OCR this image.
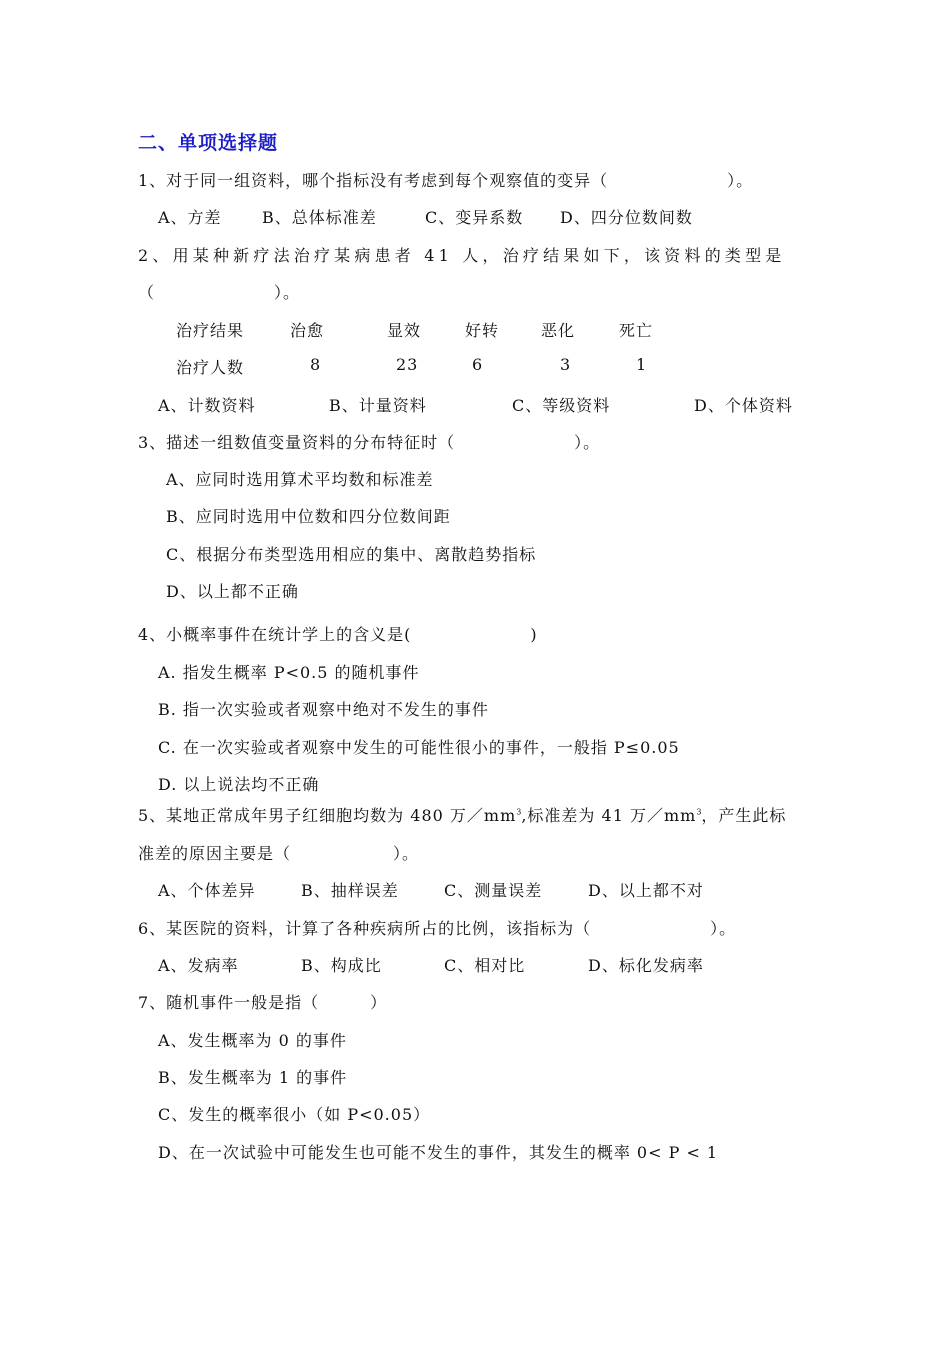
二、单项选择题
1、对于同一组资料，哪个指标没有考虑到每个观察值的变异（　　　　　　　）。
A、方差	B、总体标准差	C、变异系数 D、四分位数间数
2、用某种新疗法治疗某病患者 41 人，治疗结果如下，该资料的类型是
（　　　　　　　）。
治疗结果	治愈	显效	好转	恶化	死亡
治疗人数	8	23	6	3	1
A、计数资料	B、计量资料	C、等级资料	D、个体资料
3、描述一组数值变量资料的分布特征时（　　　　　　　）。
A、应同时选用算术平均数和标准差
B、应同时选用中位数和四分位数间距
C、根据分布类型选用相应的集中、离散趋势指标
D、以上都不正确
4、小概率事件在统计学上的含义是(　　　　　　　)
A. 指发生概率 P<0.5 的随机事件
B. 指一次实验或者观察中绝对不发生的事件
C. 在一次实验或者观察中发生的可能性很小的事件，一般指 P≤0.05
D. 以上说法均不正确
5、某地正常成年男子红细胞均数为 480 万$/mm^3$,标准差为 41 万$/mm^3$，产生此标
准差的原因主要是（　　　　　　）。
A、个体差异	B、抽样误差	C、测量误差	D、以上都不对
6、某医院的资料，计算了各种疾病所占的比例，该指标为（　　　　　　　）。
A、发病率	B、构成比	C、相对比	D、标化发病率
7、随机事件一般是指（　　　）
A、发生概率为 0 的事件
B、发生概率为 1 的事件
C、发生的概率很小（如 P<0.05）
D、在一次试验中可能发生也可能不发生的事件，其发生的概率 0< P < 1
